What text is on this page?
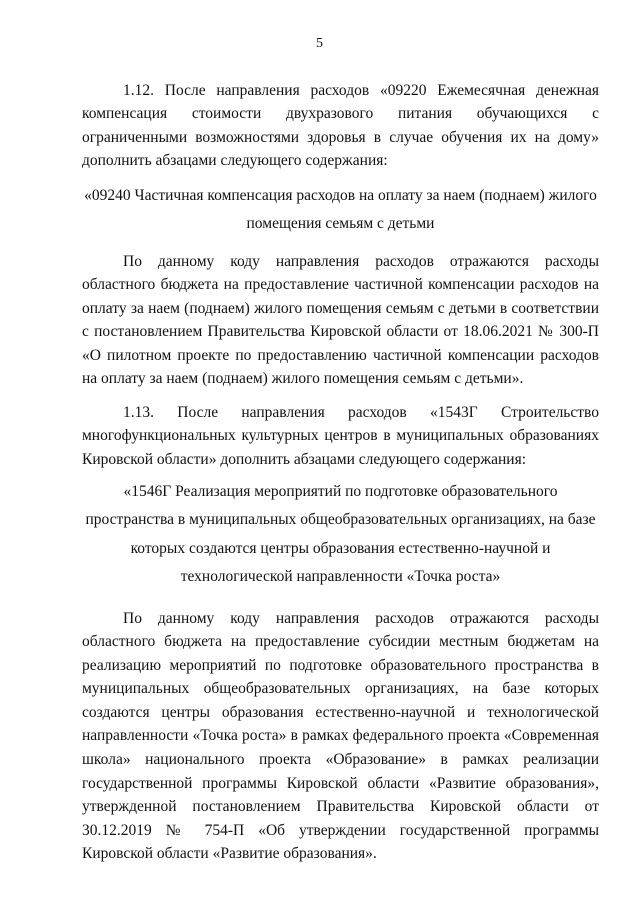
5

1.12. После направления расходов «09220 Ежемесячная денежная компенсация стоимости двухразового питания обучающихся с ограниченными возможностями здоровья в случае обучения их на дому» дополнить абзацами следующего содержания:

«09240 Частичная компенсация расходов на оплату за наем (поднаем) жилого помещения семьям с детьми

По данному коду направления расходов отражаются расходы областного бюджета на предоставление частичной компенсации расходов на оплату за наем (поднаем) жилого помещения семьям с детьми в соответствии с постановлением Правительства Кировской области от 18.06.2021 № 300-П «О пилотном проекте по предоставлению частичной компенсации расходов на оплату за наем (поднаем) жилого помещения семьям с детьми».

1.13. После направления расходов «1543Г Строительство многофункциональных культурных центров в муниципальных образованиях Кировской области» дополнить абзацами следующего содержания:

«1546Г Реализация мероприятий по подготовке образовательного пространства в муниципальных общеобразовательных организациях, на базе которых создаются центры образования естественно-научной и технологической направленности «Точка роста»

По данному коду направления расходов отражаются расходы областного бюджета на предоставление субсидии местным бюджетам на реализацию мероприятий по подготовке образовательного пространства в муниципальных общеобразовательных организациях, на базе которых создаются центры образования естественно-научной и технологической направленности «Точка роста» в рамках федерального проекта «Современная школа» национального проекта «Образование» в рамках реализации государственной программы Кировской области «Развитие образования», утвержденной постановлением Правительства Кировской области от 30.12.2019 № 754-П «Об утверждении государственной программы Кировской области «Развитие образования».
